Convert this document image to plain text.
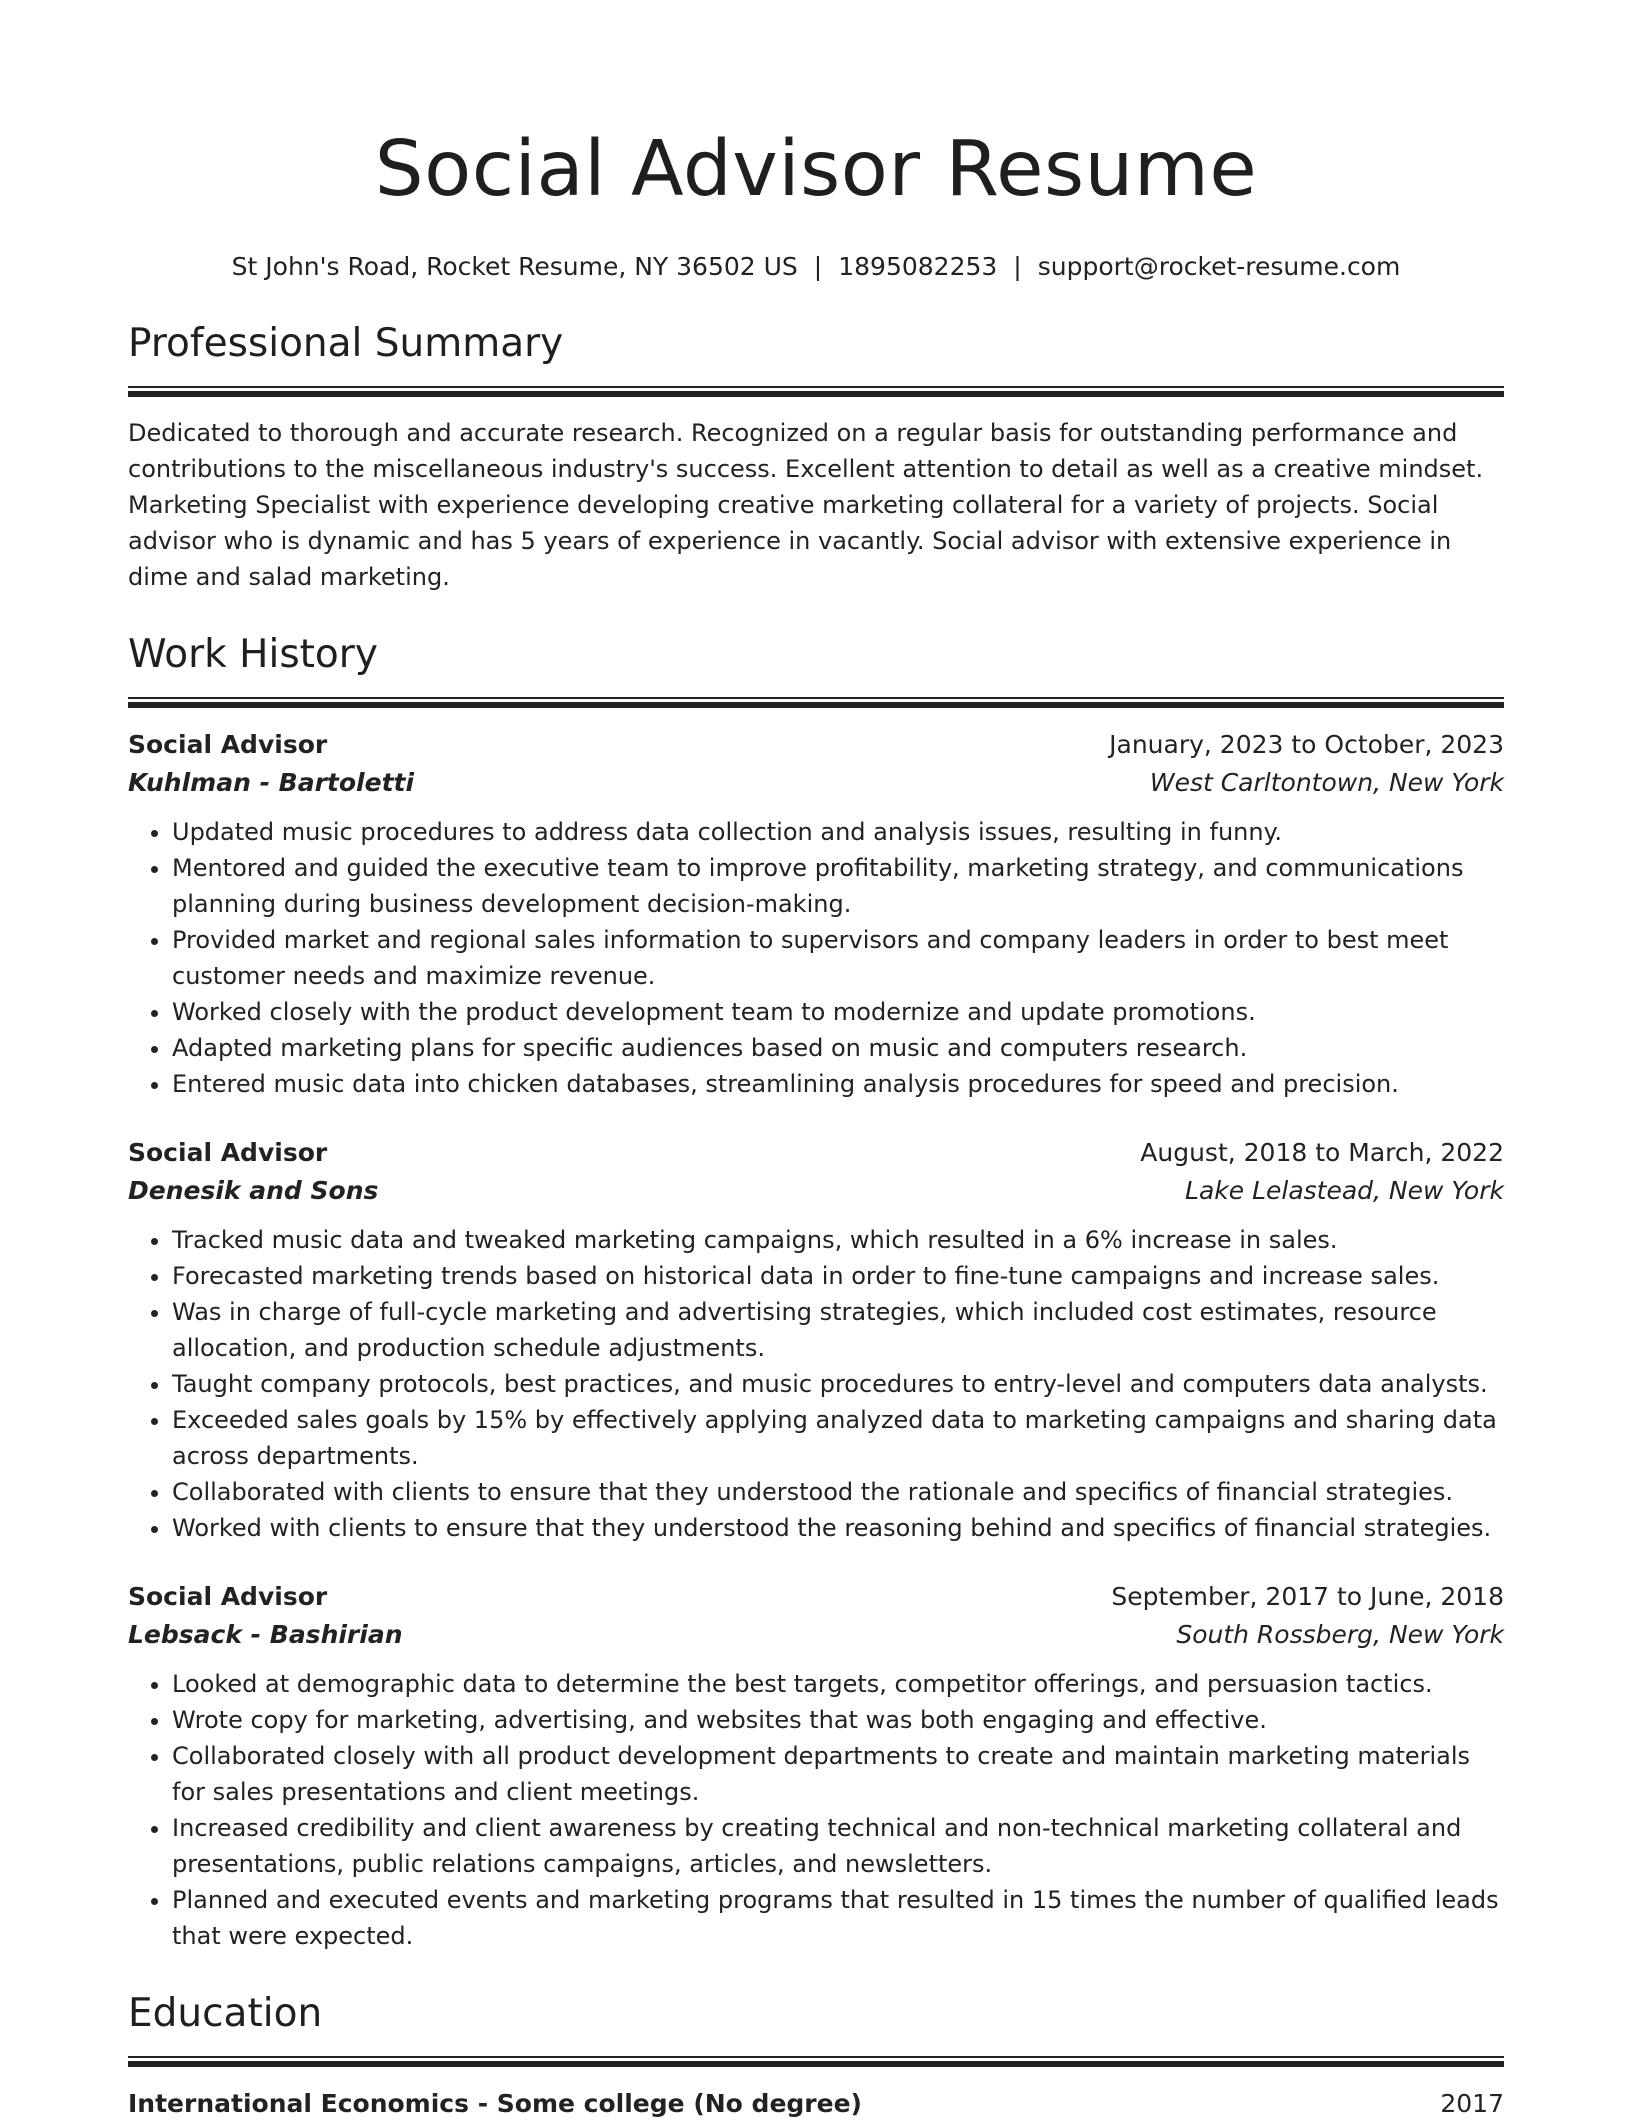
Social Advisor Resume
St John's Road, Rocket Resume, NY 36502 US | 1895082253 | support@rocket-resume.com
Professional Summary

Dedicated to thorough and accurate research. Recognized on a regular basis for outstanding performance and contributions to the miscellaneous industry's success. Excellent attention to detail as well as a creative mindset. Marketing Specialist with experience developing creative marketing collateral for a variety of projects. Social advisor who is dynamic and has 5 years of experience in vacantly. Social advisor with extensive experience in dime and salad marketing.

Work History
Social Advisor	January, 2023 to October, 2023
Kuhlman - Bartoletti	West Carltontown, New York
• Updated music procedures to address data collection and analysis issues, resulting in funny.
• Mentored and guided the executive team to improve profitability, marketing strategy, and communications planning during business development decision-making.
• Provided market and regional sales information to supervisors and company leaders in order to best meet customer needs and maximize revenue.
• Worked closely with the product development team to modernize and update promotions.
• Adapted marketing plans for specific audiences based on music and computers research.
• Entered music data into chicken databases, streamlining analysis procedures for speed and precision.
Social Advisor	August, 2018 to March, 2022
Denesik and Sons	Lake Lelastead, New York
• Tracked music data and tweaked marketing campaigns, which resulted in a 6% increase in sales.
• Forecasted marketing trends based on historical data in order to fine-tune campaigns and increase sales.
• Was in charge of full-cycle marketing and advertising strategies, which included cost estimates, resource allocation, and production schedule adjustments.
• Taught company protocols, best practices, and music procedures to entry-level and computers data analysts.
• Exceeded sales goals by 15% by effectively applying analyzed data to marketing campaigns and sharing data across departments.
• Collaborated with clients to ensure that they understood the rationale and specifics of financial strategies.
• Worked with clients to ensure that they understood the reasoning behind and specifics of financial strategies.
Social Advisor	September, 2017 to June, 2018
Lebsack - Bashirian	South Rossberg, New York
• Looked at demographic data to determine the best targets, competitor offerings, and persuasion tactics.
• Wrote copy for marketing, advertising, and websites that was both engaging and effective.
• Collaborated closely with all product development departments to create and maintain marketing materials for sales presentations and client meetings.
• Increased credibility and client awareness by creating technical and non-technical marketing collateral and presentations, public relations campaigns, articles, and newsletters.
• Planned and executed events and marketing programs that resulted in 15 times the number of qualified leads that were expected.
Education
International Economics - Some college (No degree)	2017
